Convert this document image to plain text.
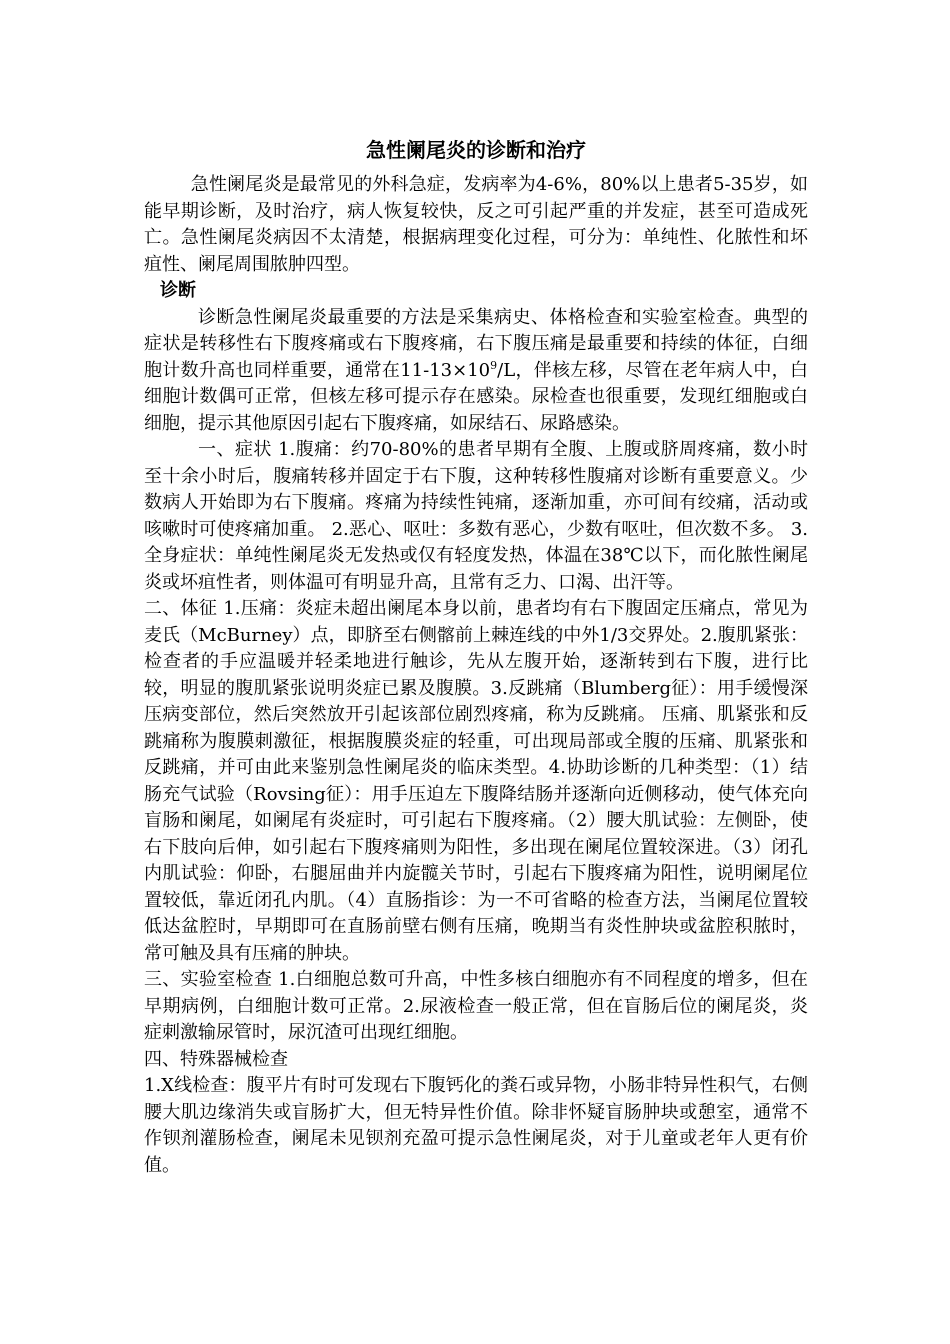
急性阑尾炎的诊断和治疗

急性阑尾炎是最常见的外科急症，发病率为4-6%，80%以上患者5-35岁，如能早期诊断，及时治疗，病人恢复较快，反之可引起严重的并发症，甚至可造成死亡。急性阑尾炎病因不太清楚，根据病理变化过程，可分为：单纯性、化脓性和坏疽性、阑尾周围脓肿四型。

诊断

诊断急性阑尾炎最重要的方法是采集病史、体格检查和实验室检查。典型的症状是转移性右下腹疼痛或右下腹疼痛，右下腹压痛是最重要和持续的体征，白细胞计数升高也同样重要，通常在$11-13\times 10^9/L$，伴核左移，尽管在老年病人中，白细胞计数偶可正常，但核左移可提示存在感染。尿检查也很重要，发现红细胞或白细胞，提示其他原因引起右下腹疼痛，如尿结石、尿路感染。

一、症状 1.腹痛：约70-80%的患者早期有全腹、上腹或脐周疼痛，数小时至十余小时后，腹痛转移并固定于右下腹，这种转移性腹痛对诊断有重要意义。少数病人开始即为右下腹痛。疼痛为持续性钝痛，逐渐加重，亦可间有绞痛，活动或咳嗽时可使疼痛加重。 2.恶心、呕吐：多数有恶心，少数有呕吐，但次数不多。 3.全身症状：单纯性阑尾炎无发热或仅有轻度发热，体温在38℃以下，而化脓性阑尾炎或坏疽性者，则体温可有明显升高，且常有乏力、口渴、出汗等。

二、体征 1.压痛：炎症未超出阑尾本身以前，患者均有右下腹固定压痛点，常见为麦氏（McBurney）点，即脐至右侧髂前上棘连线的中外1/3交界处。2.腹肌紧张：检查者的手应温暖并轻柔地进行触诊，先从左腹开始，逐渐转到右下腹，进行比较，明显的腹肌紧张说明炎症已累及腹膜。3.反跳痛（Blumberg征）：用手缓慢深压病变部位，然后突然放开引起该部位剧烈疼痛，称为反跳痛。 压痛、肌紧张和反跳痛称为腹膜刺激征，根据腹膜炎症的轻重，可出现局部或全腹的压痛、肌紧张和反跳痛，并可由此来鉴别急性阑尾炎的临床类型。4.协助诊断的几种类型：（1）结肠充气试验（Rovsing征）：用手压迫左下腹降结肠并逐渐向近侧移动，使气体充向盲肠和阑尾，如阑尾有炎症时，可引起右下腹疼痛。（2）腰大肌试验：左侧卧，使右下肢向后伸，如引起右下腹疼痛则为阳性，多出现在阑尾位置较深进。（3）闭孔内肌试验：仰卧，右腿屈曲并内旋髋关节时，引起右下腹疼痛为阳性，说明阑尾位置较低，靠近闭孔内肌。（4）直肠指诊：为一不可省略的检查方法，当阑尾位置较低达盆腔时，早期即可在直肠前壁右侧有压痛，晚期当有炎性肿块或盆腔积脓时，常可触及具有压痛的肿块。

三、实验室检查 1.白细胞总数可升高，中性多核白细胞亦有不同程度的增多，但在早期病例，白细胞计数可正常。2.尿液检查一般正常，但在盲肠后位的阑尾炎，炎症刺激输尿管时，尿沉渣可出现红细胞。

四、特殊器械检查

1.X线检查：腹平片有时可发现右下腹钙化的粪石或异物，小肠非特异性积气，右侧腰大肌边缘消失或盲肠扩大，但无特异性价值。除非怀疑盲肠肿块或憩室，通常不作钡剂灌肠检查，阑尾未见钡剂充盈可提示急性阑尾炎，对于儿童或老年人更有价值。
